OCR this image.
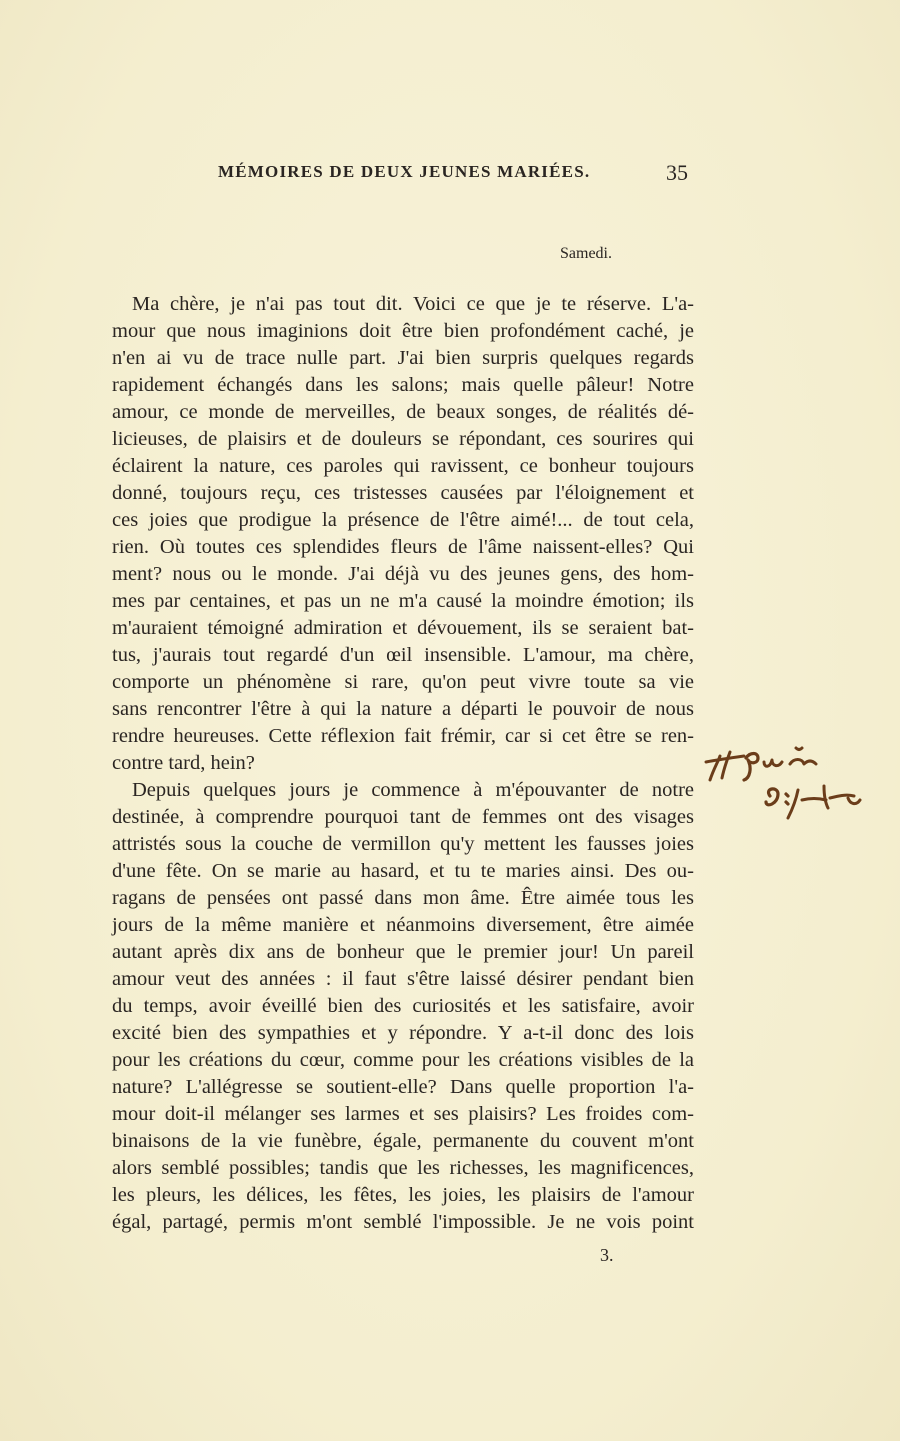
MÉMOIRES DE DEUX JEUNES MARIÉES.	35
Samedi.
Ma chère, je n'ai pas tout dit. Voici ce que je te réserve. L'a-
mour que nous imaginions doit être bien profondément caché, je
n'en ai vu de trace nulle part. J'ai bien surpris quelques regards
rapidement échangés dans les salons; mais quelle pâleur! Notre
amour, ce monde de merveilles, de beaux songes, de réalités dé-
licieuses, de plaisirs et de douleurs se répondant, ces sourires qui
éclairent la nature, ces paroles qui ravissent, ce bonheur toujours
donné, toujours reçu, ces tristesses causées par l'éloignement et
ces joies que prodigue la présence de l'être aimé!... de tout cela,
rien. Où toutes ces splendides fleurs de l'âme naissent-elles? Qui
ment? nous ou le monde. J'ai déjà vu des jeunes gens, des hom-
mes par centaines, et pas un ne m'a causé la moindre émotion; ils
m'auraient témoigné admiration et dévouement, ils se seraient bat-
tus, j'aurais tout regardé d'un œil insensible. L'amour, ma chère,
comporte un phénomène si rare, qu'on peut vivre toute sa vie
sans rencontrer l'être à qui la nature a départi le pouvoir de nous
rendre heureuses. Cette réflexion fait frémir, car si cet être se ren-
contre tard, hein?
Depuis quelques jours je commence à m'épouvanter de notre
destinée, à comprendre pourquoi tant de femmes ont des visages
attristés sous la couche de vermillon qu'y mettent les fausses joies
d'une fête. On se marie au hasard, et tu te maries ainsi. Des ou-
ragans de pensées ont passé dans mon âme. Être aimée tous les
jours de la même manière et néanmoins diversement, être aimée
autant après dix ans de bonheur que le premier jour! Un pareil
amour veut des années : il faut s'être laissé désirer pendant bien
du temps, avoir éveillé bien des curiosités et les satisfaire, avoir
excité bien des sympathies et y répondre. Y a-t-il donc des lois
pour les créations du cœur, comme pour les créations visibles de la
nature? L'allégresse se soutient-elle? Dans quelle proportion l'a-
mour doit-il mélanger ses larmes et ses plaisirs? Les froides com-
binaisons de la vie funèbre, égale, permanente du couvent m'ont
alors semblé possibles; tandis que les richesses, les magnificences,
les pleurs, les délices, les fêtes, les joies, les plaisirs de l'amour
égal, partagé, permis m'ont semblé l'impossible. Je ne vois point
3.
